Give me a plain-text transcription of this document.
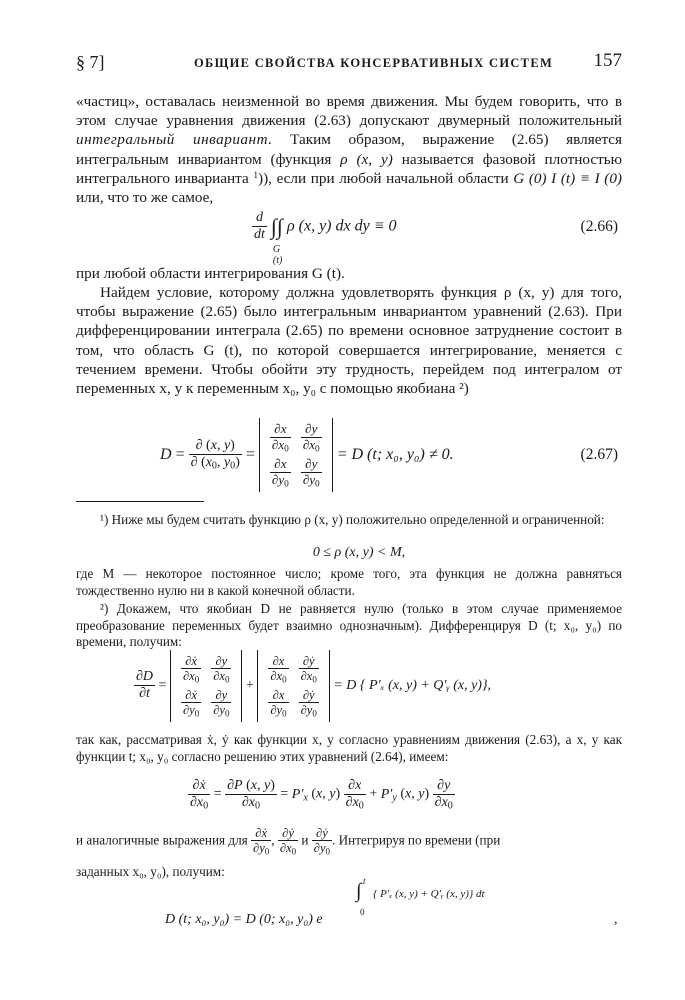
§ 7]	ОБЩИЕ СВОЙСТВА КОНСЕРВАТИВНЫХ СИСТЕМ 157

«частиц», оставалась неизменной во время движения. Мы будем говорить, что в этом случае уравнения движения (2.63) допускают двумерный положительный интегральный инвариант. Таким образом, выражение (2.65) является интегральным инвариантом (функция ρ (x, y) называется фазовой плотностью интегрального инварианта $^1$)), если при любой начальной области G (0) I (t) ≡ I (0) или, что то же самое,

$\frac{d}{dt}$ ∫∫
G (t)
ρ (x, y) dx dy ≡ 0	(2.66)

при любой области интегрирования G (t).

Найдем условие, которому должна удовлетворять функция ρ (x, y) для того, чтобы выражение (2.65) было интегральным инвариантом уравнений (2.63). При дифференцировании интеграла (2.65) по времени основное затруднение состоит в том, что область G (t), по которой совершается интегрирование, меняется с течением времени. Чтобы обойти эту трудность, перейдем под интегралом от переменных x, y к переменным x₀, y₀ с помощью якобиана ²)

$D = \frac{\partial (x, y)}{\partial (x_0, y_0)}$ =
$\frac{\partial x}{\partial x_0}$	$\frac{\partial y}{\partial x_0}$

$\frac{\partial x}{\partial y_0}$	$\frac{\partial y}{\partial y_0}$
= D (t; x₀, y₀) ≠ 0.	(2.67)

¹) Ниже мы будем считать функцию ρ (x, y) положительно определенной и ограниченной:

0 ≤ ρ (x, y) < M,

где M — некоторое постоянное число; кроме того, эта функция не должна равняться тождественно нулю ни в какой конечной области.

²) Докажем, что якобиан D не равняется нулю (только в этом случае применяемое преобразование переменных будет взаимно однозначным). Дифференцируя D (t; x₀, y₀) по времени, получим:

$\frac{\partial D}{\partial t}$ =
$\frac{\text{∂ẋ}}{\partial x_0}$	$\frac{\partial y}{\partial x_0}$

$\frac{\text{∂ẋ}}{\partial y_0}$	$\frac{\partial y}{\partial y_0}$
+
$\frac{\partial x}{\partial x_0}$	$\frac{\text{∂ẏ}}{\partial x_0}$

$\frac{\partial x}{\partial y_0}$	$\frac{\text{∂ẏ}}{\partial y_0}$
= D { P′ₓ (x, y) + Q′ᵧ (x, y)},

так как, рассматривая ẋ, ẏ как функции x, y согласно уравнениям движения (2.63), а x, y как функции t; x₀, y₀ согласно решению этих уравнений (2.64), имеем:

$\frac{\text{∂ẋ}}{\partial x_0} = \frac{\partial P (x, y)}{\partial x_0} = P'_x$ (x, $y) \frac{\partial x}{\partial x_0} + P'_y$ (x, $y) \frac{\partial y}{\partial x_0}$
и аналогичные выражения для $\frac{\text{∂ẋ}}{\partial y_0}$ , $\frac{\text{∂ẏ}}{\partial x_0}$ и $\frac{\text{∂ẏ}}{\partial y_0}$ . Интегрируя по времени (при

заданных x₀, y₀), получим:

D (t; x₀, y₀) = D (0; x₀, y₀) e
∫ t
0
{ P′ₓ (x, y) + Q′ᵧ (x, y)} dt
,
